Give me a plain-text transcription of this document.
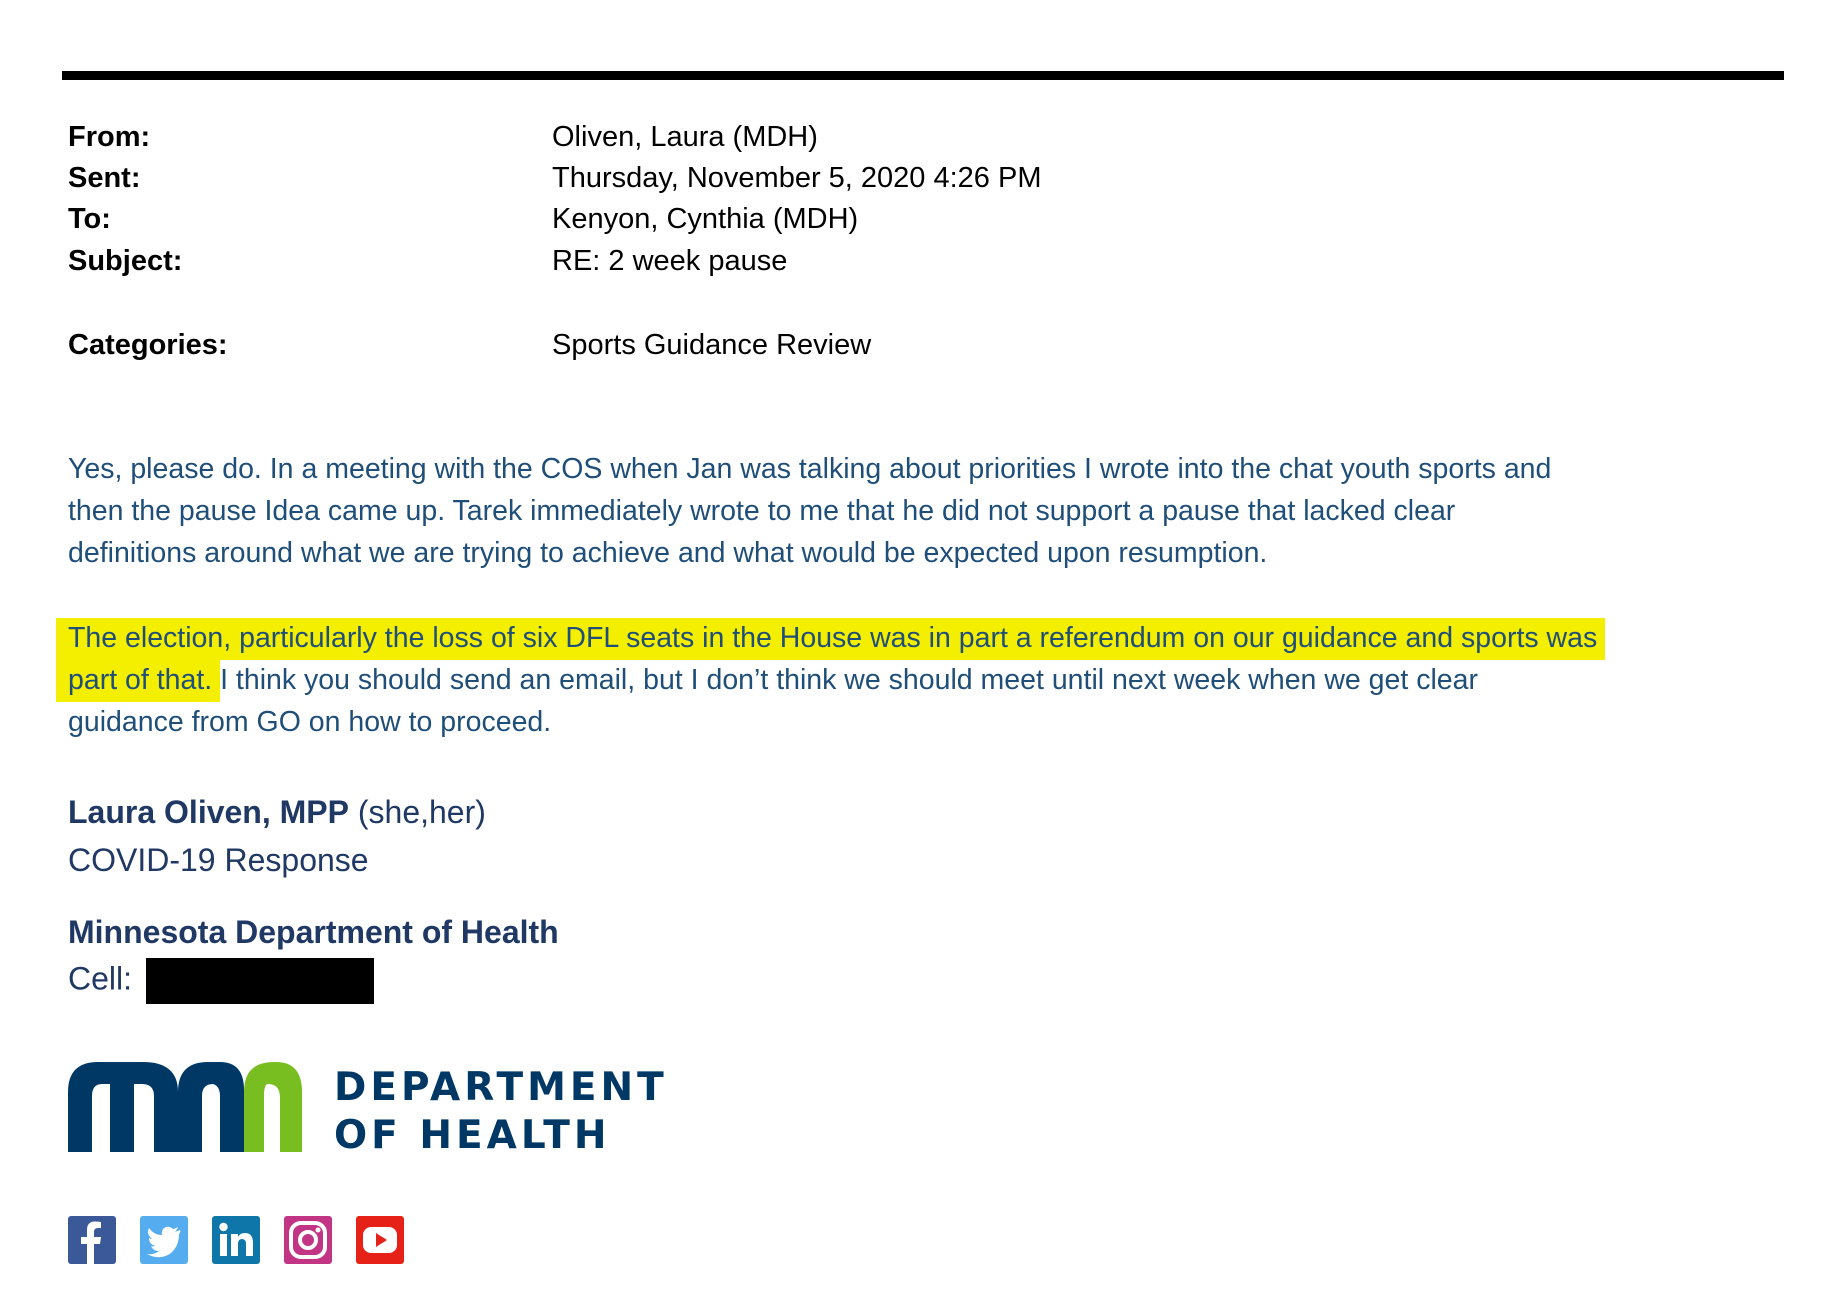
From:	Oliven, Laura (MDH)
Sent:	Thursday, November 5, 2020 4:26 PM
To:	Kenyon, Cynthia (MDH)
Subject:	RE: 2 week pause
Categories:	Sports Guidance Review
Yes, please do. In a meeting with the COS when Jan was talking about priorities I wrote into the chat youth sports and
then the pause Idea came up. Tarek immediately wrote to me that he did not support a pause that lacked clear
definitions around what we are trying to achieve and what would be expected upon resumption.
The election, particularly the loss of six DFL seats in the House was in part a referendum on our guidance and sports was
part of that. I think you should send an email, but I don’t think we should meet until next week when we get clear
guidance from GO on how to proceed.
Laura Oliven, MPP (she,her)
COVID-19 Response
Minnesota Department of Health
Cell:
DEPARTMENT
OF HEALTH
